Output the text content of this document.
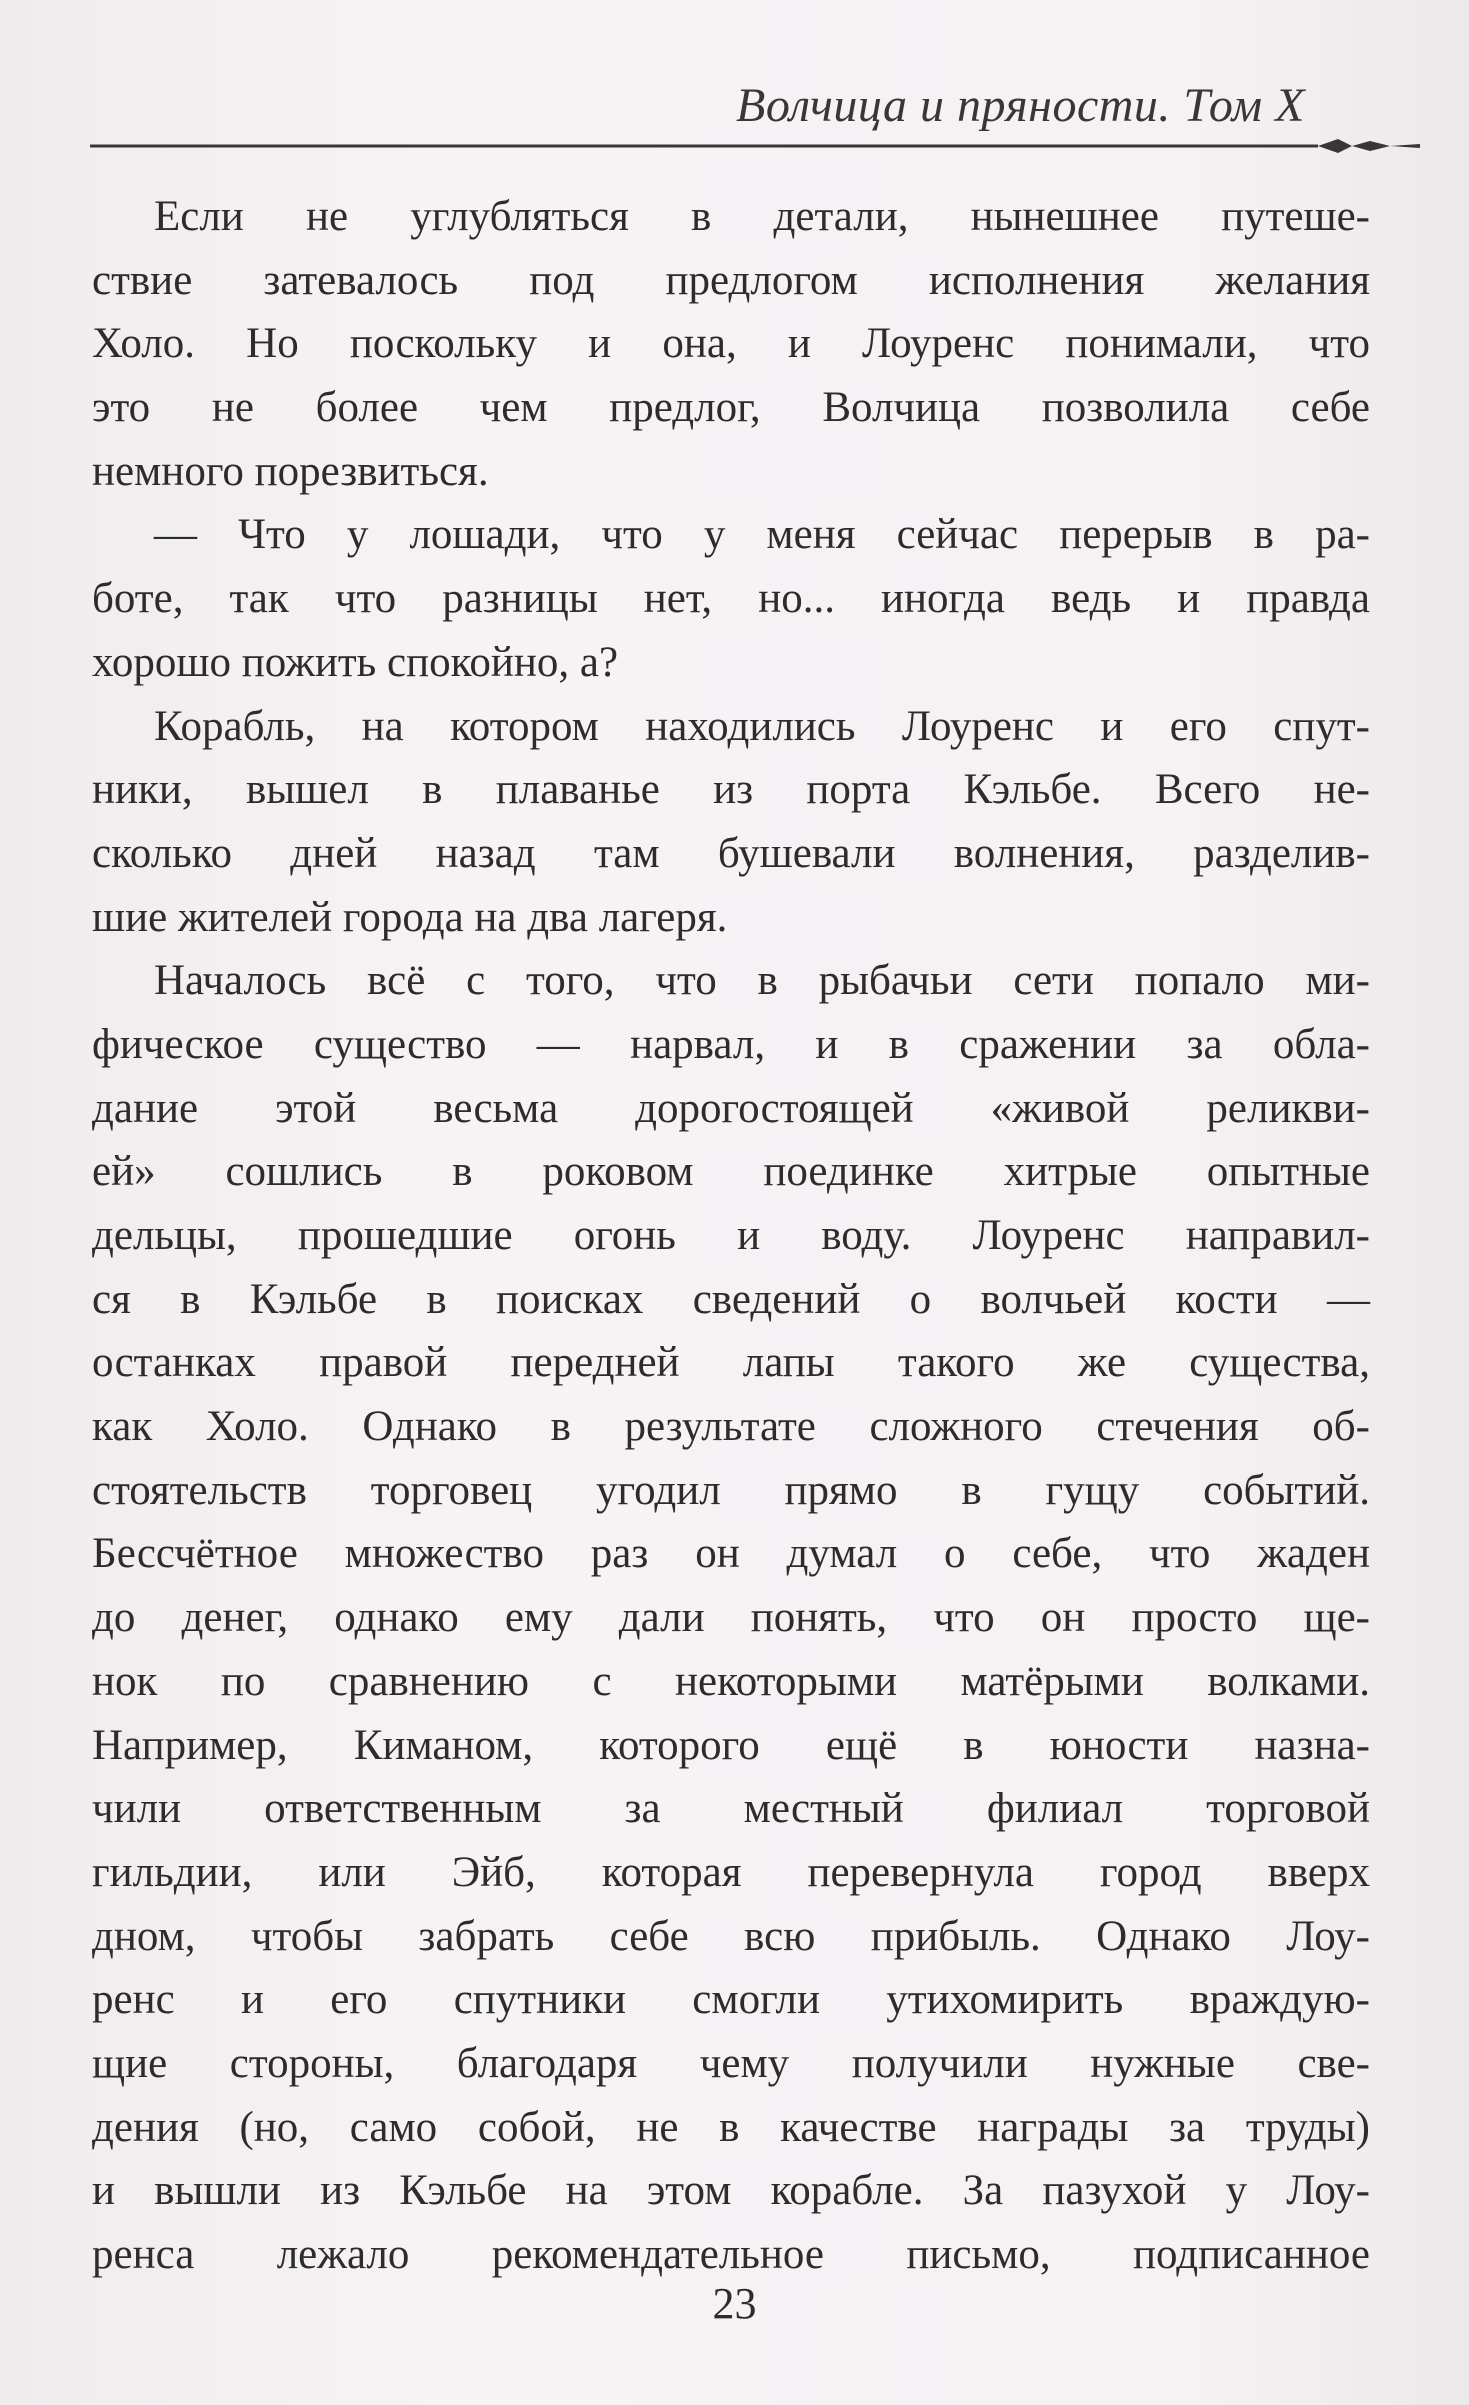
Волчица и пряности. Том X
Если не углубляться в детали, нынешнее путеше-
ствие затевалось под предлогом исполнения желания
Холо. Но поскольку и она, и Лоуренс понимали, что
это не более чем предлог, Волчица позволила себе
немного порезвиться.
— Что у лошади, что у меня сейчас перерыв в ра-
боте, так что разницы нет, но... иногда ведь и правда
хорошо пожить спокойно, а?
Корабль, на котором находились Лоуренс и его спут-
ники, вышел в плаванье из порта Кэльбе. Всего не-
сколько дней назад там бушевали волнения, разделив-
шие жителей города на два лагеря.
Началось всё с того, что в рыбачьи сети попало ми-
фическое существо — нарвал, и в сражении за обла-
дание этой весьма дорогостоящей «живой реликви-
ей» сошлись в роковом поединке хитрые опытные
дельцы, прошедшие огонь и воду. Лоуренс направил-
ся в Кэльбе в поисках сведений о волчьей кости —
останках правой передней лапы такого же существа,
как Холо. Однако в результате сложного стечения об-
стоятельств торговец угодил прямо в гущу событий.
Бессчётное множество раз он думал о себе, что жаден
до денег, однако ему дали понять, что он просто ще-
нок по сравнению с некоторыми матёрыми волками.
Например, Киманом, которого ещё в юности назна-
чили ответственным за местный филиал торговой
гильдии, или Эйб, которая перевернула город вверх
дном, чтобы забрать себе всю прибыль. Однако Лоу-
ренс и его спутники смогли утихомирить враждую-
щие стороны, благодаря чему получили нужные све-
дения (но, само собой, не в качестве награды за труды)
и вышли из Кэльбе на этом корабле. За пазухой у Лоу-
ренса лежало рекомендательное письмо, подписанное
23
